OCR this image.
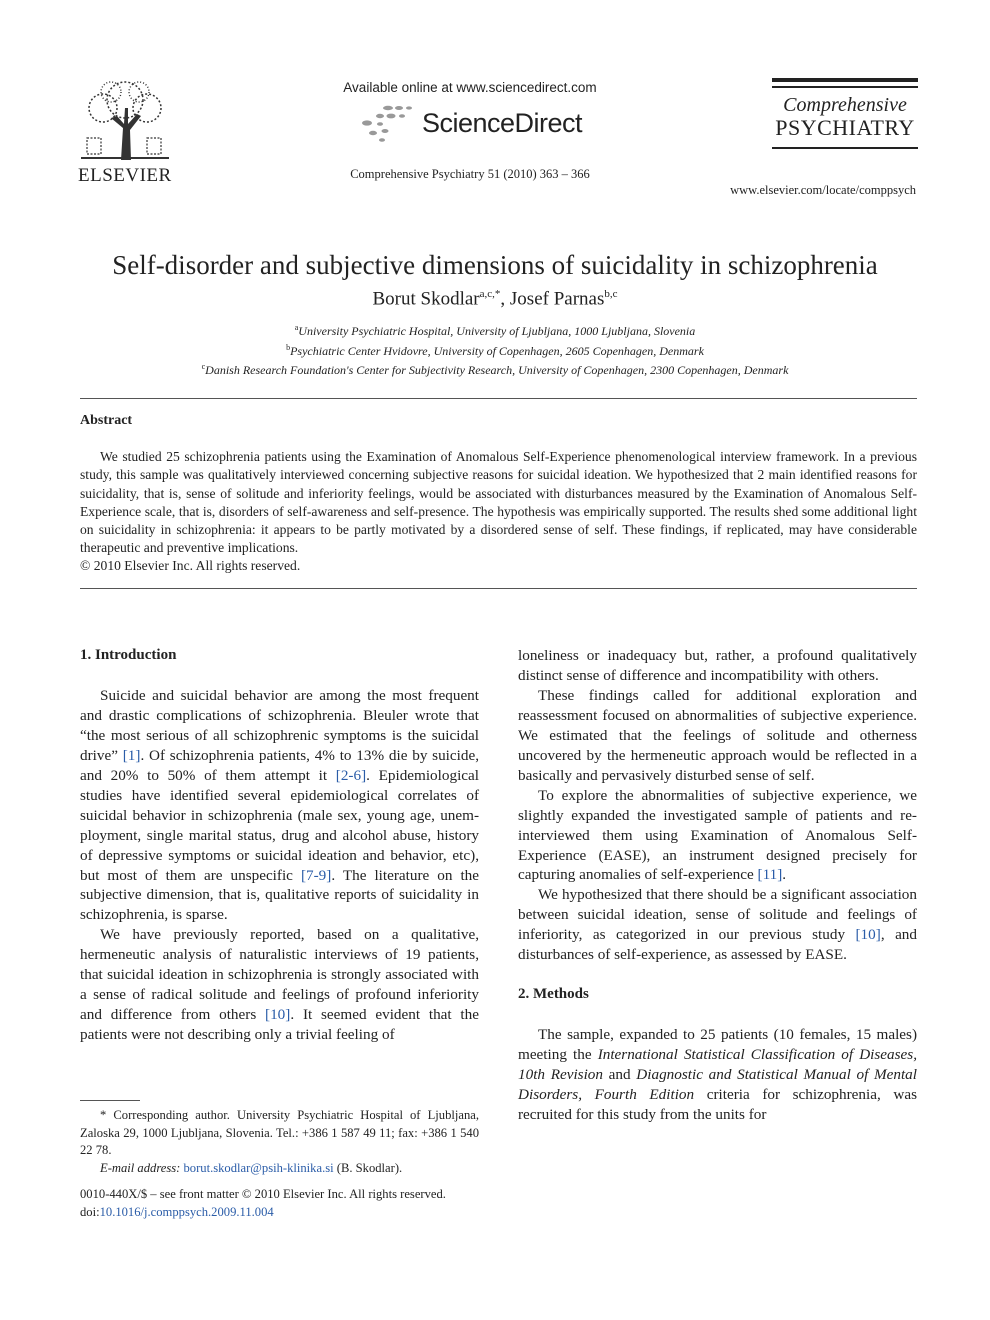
ELSEVIER
Available online at www.sciencedirect.com
ScienceDirect
Comprehensive Psychiatry 51 (2010) 363 – 366
Comprehensive
PSYCHIATRY
www.elsevier.com/locate/comppsych
Self-disorder and subjective dimensions of suicidality in schizophrenia
Borut Skodlar$^{a,c,*}$, Josef Parnas$^{b,c}$
$^a$University Psychiatric Hospital, University of Ljubljana, 1000 Ljubljana, Slovenia
$^b$Psychiatric Center Hvidovre, University of Copenhagen, 2605 Copenhagen, Denmark
$^c$Danish Research Foundation's Center for Subjectivity Research, University of Copenhagen, 2300 Copenhagen, Denmark
Abstract
We studied 25 schizophrenia patients using the Examination of Anomalous Self-Experience phenomenological interview framework. In a previous study, this sample was qualitatively interviewed concerning subjective reasons for suicidal ideation. We hypothesized that 2 main identified reasons for suicidality, that is, sense of solitude and inferiority feelings, would be associated with disturbances measured by the Examination of Anomalous Self-Experience scale, that is, disorders of self-awareness and self-presence. The hypothesis was empirically supported. The results shed some additional light on suicidality in schizophrenia: it appears to be partly motivated by a disordered sense of self. These findings, if replicated, may have considerable therapeutic and preventive implications.
© 2010 Elsevier Inc. All rights reserved.
1. Introduction

Suicide and suicidal behavior are among the most frequent and drastic complications of schizophrenia. Bleuler wrote that “the most serious of all schizophrenic symptoms is the suicidal drive” [1]. Of schizophrenia patients, 4% to 13% die by suicide, and 20% to 50% of them attempt it [2-6]. Epidemiological studies have identified several epidemiological correlates of suicidal behavior in schizophrenia (male sex, young age, unem-ployment, single marital status, drug and alcohol abuse, history of depressive symptoms or suicidal ideation and behavior, etc), but most of them are unspecific [7-9]. The literature on the subjective dimension, that is, qualitative reports of suicidality in schizophrenia, is sparse.

We have previously reported, based on a qualitative, hermeneutic analysis of naturalistic interviews of 19 patients, that suicidal ideation in schizophrenia is strongly associated with a sense of radical solitude and feelings of profound inferiority and difference from others [10]. It seemed evident that the patients were not describing only a trivial feeling of

loneliness or inadequacy but, rather, a profound qualitatively distinct sense of difference and incompatibility with others.

These findings called for additional exploration and reassessment focused on abnormalities of subjective experience. We estimated that the feelings of solitude and otherness uncovered by the hermeneutic approach would be reflected in a basically and pervasively disturbed sense of self.

To explore the abnormalities of subjective experience, we slightly expanded the investigated sample of patients and re-interviewed them using Examination of Anomalous Self-Experience (EASE), an instrument designed precisely for capturing anomalies of self-experience [11].

We hypothesized that there should be a significant association between suicidal ideation, sense of solitude and feelings of inferiority, as categorized in our previous study [10], and disturbances of self-experience, as assessed by EASE.

2. Methods

The sample, expanded to 25 patients (10 females, 15 males) meeting the International Statistical Classification of Diseases, 10th Revision and Diagnostic and Statistical Manual of Mental Disorders, Fourth Edition criteria for schizophrenia, was recruited for this study from the units for

* Corresponding author. University Psychiatric Hospital of Ljubljana, Zaloska 29, 1000 Ljubljana, Slovenia. Tel.: +386 1 587 49 11; fax: +386 1 540 22 78.

E-mail address: borut.skodlar@psih-klinika.si (B. Skodlar).

0010-440X/$ – see front matter © 2010 Elsevier Inc. All rights reserved.
doi:10.1016/j.comppsych.2009.11.004
